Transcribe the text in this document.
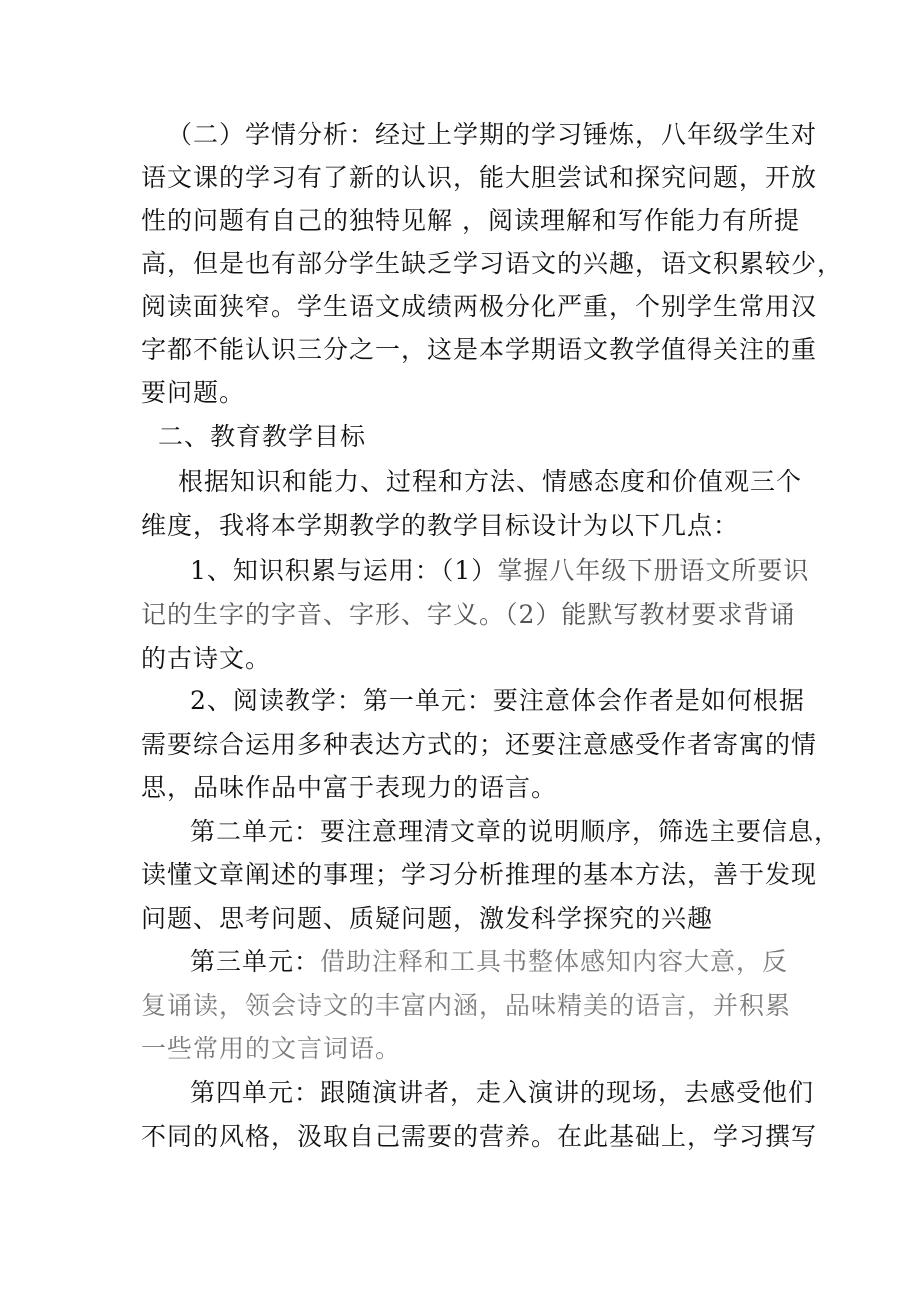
（二）学情分析：经过上学期的学习锤炼，八年级学生对
语文课的学习有了新的认识，能大胆尝试和探究问题，开放
性的问题有自己的独特见解 ，阅读理解和写作能力有所提
高，但是也有部分学生缺乏学习语文的兴趣，语文积累较少，
阅读面狭窄。学生语文成绩两极分化严重，个别学生常用汉
字都不能认识三分之一，这是本学期语文教学值得关注的重
要问题。
二、教育教学目标
根据知识和能力、过程和方法、情感态度和价值观三个
维度，我将本学期教学的教学目标设计为以下几点：
1、知识积累与运用：（1）掌握八年级下册语文所要识
记的生字的字音、字形、字义。（2）能默写教材要求背诵
的古诗文。
2、阅读教学：第一单元：要注意体会作者是如何根据
需要综合运用多种表达方式的；还要注意感受作者寄寓的情
思，品味作品中富于表现力的语言。
第二单元：要注意理清文章的说明顺序，筛选主要信息，
读懂文章阐述的事理；学习分析推理的基本方法，善于发现
问题、思考问题、质疑问题，激发科学探究的兴趣
第三单元：借助注释和工具书整体感知内容大意，反
复诵读，领会诗文的丰富内涵，品味精美的语言，并积累
一些常用的文言词语。
第四单元：跟随演讲者，走入演讲的现场，去感受他们
不同的风格，汲取自己需要的营养。在此基础上，学习撰写
